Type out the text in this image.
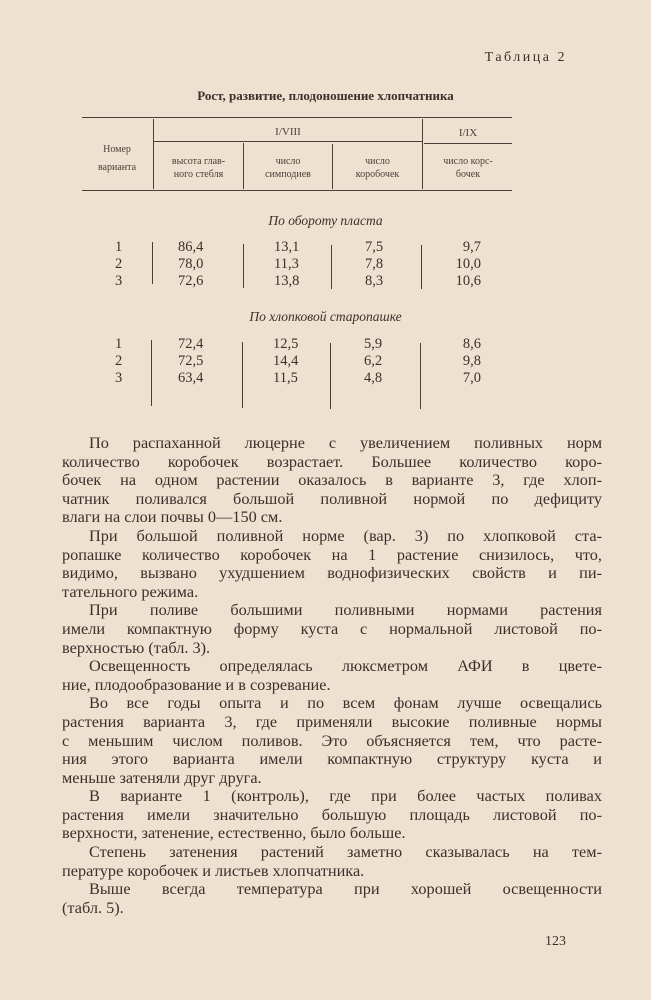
Таблица 2
Рост, развитие, плодоношение хлопчатника
Номер
варианта
I/VIII	I/IX
высота глав-
ного стебля
число
симподиев
число
коробочек
число корс-
бочек
По обороту пласта
По хлопковой старопашке
1
2
3
86,4
78,0
72,6
13,1
11,3
13,8
7,5
7,8
8,3
9,7
10,0
10,6
1
2
3
72,4
72,5
63,4
12,5
14,4
11,5
5,9
6,2
4,8
8,6
9,8
7,0
По распаханной люцерне с увеличением поливных норм
количество коробочек возрастает. Большее количество коро-
бочек на одном растении оказалось в варианте 3, где хлоп-
чатник поливался большой поливной нормой по дефициту
влаги на слои почвы 0—150 см.
При большой поливной норме (вар. 3) по хлопковой ста-
ропашке количество коробочек на 1 растение снизилось, что,
видимо, вызвано ухудшением воднофизических свойств и пи-
тательного режима.
При поливе большими поливными нормами растения
имели компактную форму куста с нормальной листовой по-
верхностью (табл. 3).
Освещенность определялась люксметром АФИ в цвете-
ние, плодообразование и в созревание.
Во все годы опыта и по всем фонам лучше освещались
растения варианта 3, где применяли высокие поливные нормы
с меньшим числом поливов. Это объясняется тем, что расте-
ния этого варианта имели компактную структуру куста и
меньше затеняли друг друга.
В варианте 1 (контроль), где при более частых поливах
растения имели значительно большую площадь листовой по-
верхности, затенение, естественно, было больше.
Степень затенения растений заметно сказывалась на тем-
пературе коробочек и листьев хлопчатника.
Выше всегда температура при хорошей освещенности
(табл. 5).
123
